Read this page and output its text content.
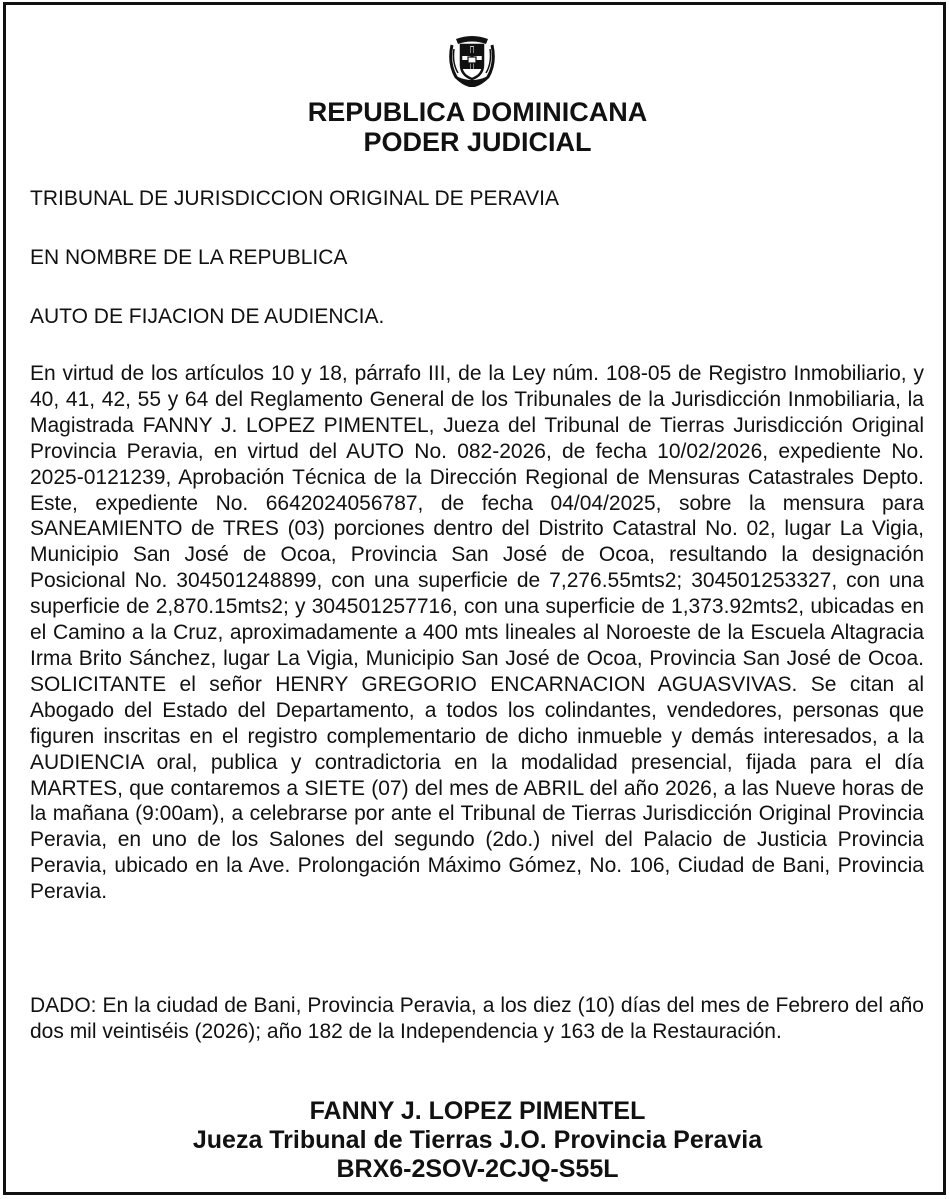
REPUBLICA DOMINICANA
PODER JUDICIAL
TRIBUNAL DE JURISDICCION ORIGINAL DE PERAVIA
EN NOMBRE DE LA REPUBLICA
AUTO DE FIJACION DE AUDIENCIA.

En virtud de los artículos 10 y 18, párrafo III, de la Ley núm. 108-05 de Registro Inmobiliario, y 40, 41, 42, 55 y 64 del Reglamento General de los Tribunales de la Jurisdicción Inmobiliaria, la Magistrada FANNY J. LOPEZ PIMENTEL, Jueza del Tribunal de Tierras Jurisdicción Original Provincia Peravia, en virtud del AUTO No. 082-2026, de fecha 10/02/2026, expediente No. 2025-0121239, Aprobación Técnica de la Dirección Regional de Mensuras Catastrales Depto. Este, expediente No. 6642024056787, de fecha 04/04/2025, sobre la mensura para SANEAMIENTO de TRES (03) porciones dentro del Distrito Catastral No. 02, lugar La Vigia, Municipio San José de Ocoa, Provincia San José de Ocoa, resultando la designación Posicional No. 304501248899, con una superficie de 7,276.55mts2; 304501253327, con una superficie de 2,870.15mts2; y 304501257716, con una superficie de 1,373.92mts2, ubicadas en el Camino a la Cruz, aproximadamente a 400 mts lineales al Noroeste de la Escuela Altagracia Irma Brito Sánchez, lugar La Vigia, Municipio San José de Ocoa, Provincia San José de Ocoa. SOLICITANTE el señor HENRY GREGORIO ENCARNACION AGUASVIVAS. Se citan al Abogado del Estado del Departamento, a todos los colindantes, vendedores, personas que figuren inscritas en el registro complementario de dicho inmueble y demás interesados, a la AUDIENCIA oral, publica y contradictoria en la modalidad presencial, fijada para el día MARTES, que contaremos a SIETE (07) del mes de ABRIL del año 2026, a las Nueve horas de la mañana (9:00am), a celebrarse por ante el Tribunal de Tierras Jurisdicción Original Provincia Peravia, en uno de los Salones del segundo (2do.) nivel del Palacio de Justicia Provincia Peravia, ubicado en la Ave. Prolongación Máximo Gómez, No. 106, Ciudad de Bani, Provincia Peravia.

DADO: En la ciudad de Bani, Provincia Peravia, a los diez (10) días del mes de Febrero del año dos mil veintiséis (2026); año 182 de la Independencia y 163 de la Restauración.

FANNY J. LOPEZ PIMENTEL
Jueza Tribunal de Tierras J.O. Provincia Peravia
BRX6-2SOV-2CJQ-S55L
